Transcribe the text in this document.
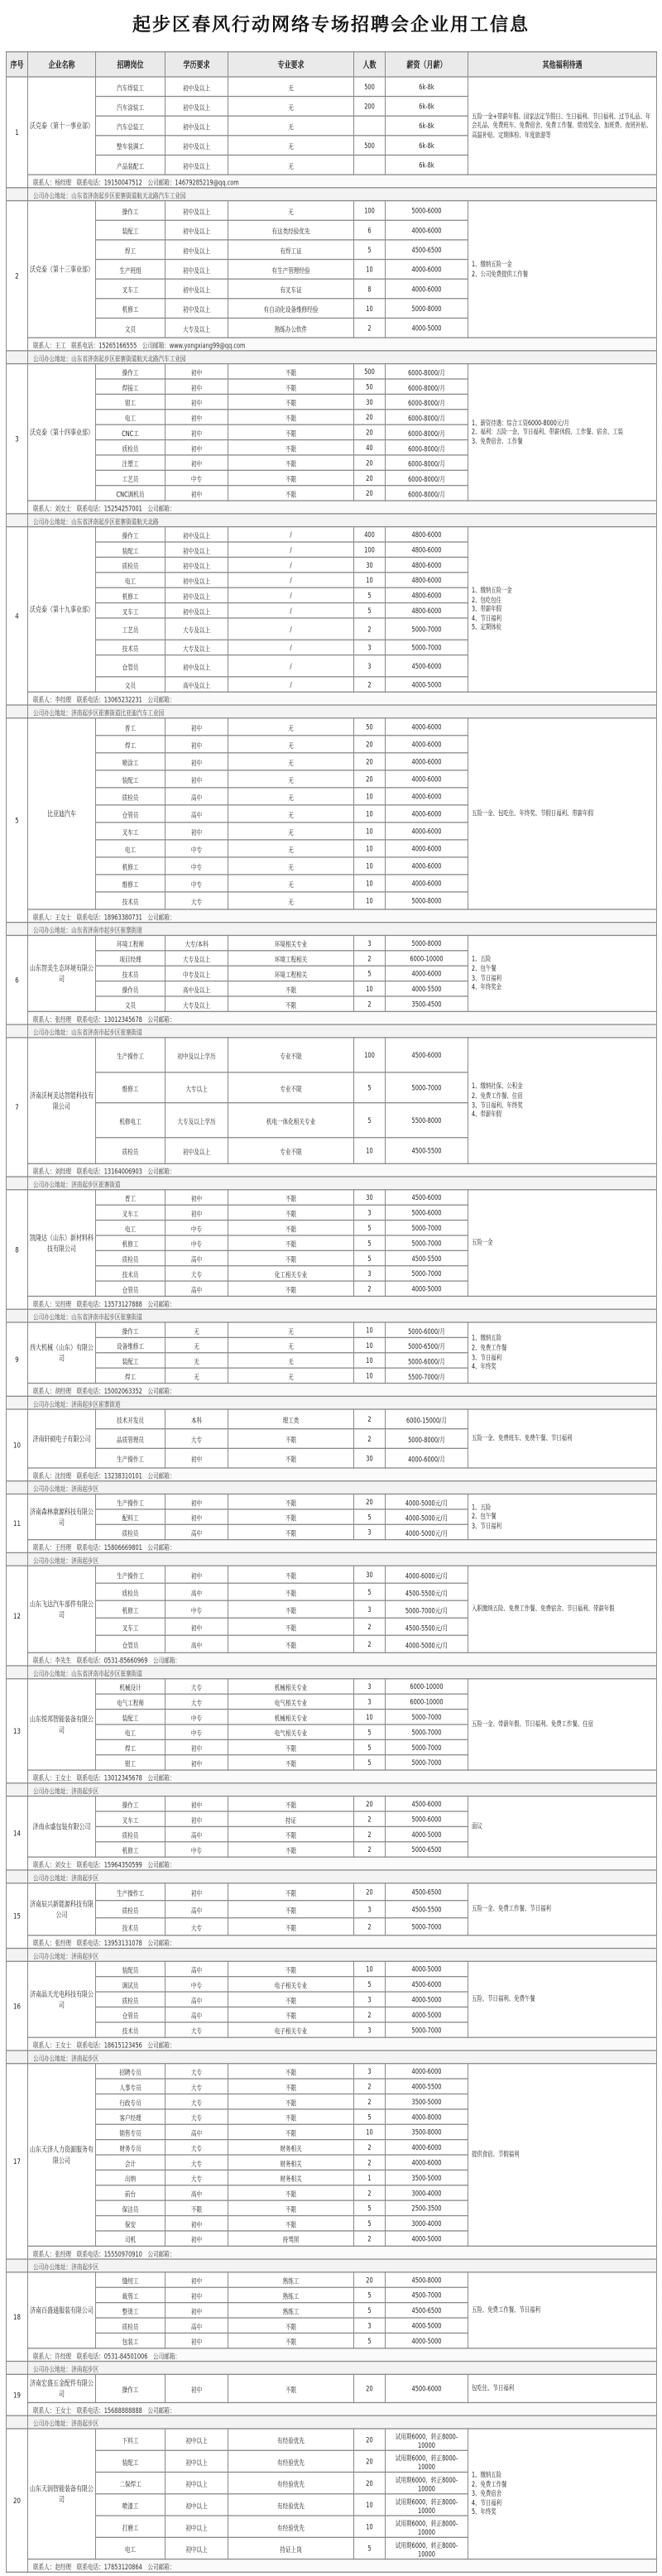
起步区春风行动网络专场招聘会企业用工信息
序号	企业名称	招聘岗位	学历要求	专业要求	人数	薪资（月薪）	其他福利待遇
1	沃克泰（第十一事业部）	汽车焊装工	初中及以上	无	500	6k-8k	五险一金+带薪年假、国家法定节假日、生日福利、节日福利、过节礼品、年会礼品、免费班车、免费宿舍、免费工作餐、绩效奖金、加班费、夜班补贴、高温补贴、定期体检、年度旅游等
		汽车涂装工	初中及以上	无	200	6k-8k	
		汽车总装工	初中及以上	无		6k-8k	
		整车装调工	初中及以上	无	500	6k-8k	
		产品装配工	初中及以上	无		6k-8k	
	联系人：杨经理　联系电话：19150047512　公司邮箱：14679285219@qq.com						
	公司办公地址：山东省济南起步区崔寨街道航天北路汽车工业园						
2	沃克泰（第十三事业部）	操作工	初中及以上	无	100	5000-6000	1、缴纳五险一金
2、公司免费提供工作餐
		装配工	初中及以上	有这类经验优先	6	4000-6000	
		焊工	初中及以上	有焊工证	5	4500-6500	
		生产班组	初中及以上	有生产管理经验	10	4000-6000	
		叉车工	初中及以上	有叉车证	8	4000-6000	
		机修工	初中及以上	有自动化设备维修经验	10	5000-8000	
		文员	大专及以上	熟练办公软件	2	4000-5000	
	联系人：王工　联系电话：15265166555　公司邮箱：www.yongxiang99@qq.com						
	公司办公地址：山东省济南起步区崔寨街道航天北路汽车工业园						
3	沃克泰（第十四事业部）	操作工	初中	不限	500	6000-8000/月	1、薪资待遇：综合工资6000-8000元/月
2、福利：五险一金、节日福利、带薪休假、工作餐、宿舍、工装
3、免费宿舍、工作餐
		焊接工	初中	不限	50	6000-8000/月	
		钳工	初中	不限	30	6000-8000/月	
		电工	初中	不限	20	6000-8000/月	
		CNC工	初中	不限	20	6000-8000/月	
		质检员	初中	不限	40	6000-8000/月	
		注塑工	初中	不限	20	6000-8000/月	
		工艺员	中专	不限	20	6000-8000/月	
		CNC调机员	初中	不限	20	6000-8000/月	
	联系人：刘女士　联系电话：15254257001　公司邮箱：						
	公司办公地址：山东省济南起步区崔寨街道航天北路						
4	沃克泰（第十九事业部）	操作工	初中及以上	/	400	4800-6000	1、缴纳五险一金
2、包吃包住
3、带薪年假
4、节日福利
5、定期体检
		装配工	初中及以上	/	100	4800-6000	
		质检员	初中及以上	/	30	4800-6000	
		电工	初中及以上	/	10	4800-6000	
		机修工	初中及以上	/	5	4800-6000	
		叉车工	初中及以上	/	5	4800-6000	
		工艺员	大专及以上	/	2	5000-7000	
		技术员	大专及以上	/	3	5000-7000	
		仓管员	初中及以上	/	3	4500-6000	
		文员	高中及以上	/	2	4000-5000	
	联系人：李经理　联系电话：13065232231　公司邮箱：						
	公司办公地址：济南起步区崔寨街道比亚迪汽车工业园						
5	比亚迪汽车	普工	初中	无	50	4000-6000	五险一金、包吃住、年终奖、节假日福利、带薪年假
		焊工	初中	无	20	4000-6000	
		喷涂工	初中	无	20	4000-6000	
		装配工	初中	无	20	4000-6000	
		质检员	高中	无	10	4000-6000	
		仓管员	高中	无	10	4000-6000	
		叉车工	初中	无	10	4000-6000	
		电工	中专	无	10	4000-6000	
		机修工	中专	无	10	4000-6000	
		维修工	中专	无	10	4000-6000	
		技术员	大专	无	10	5000-8000	
	联系人：王女士　联系电话：18963380731　公司邮箱：						
	公司办公地址：山东省济南市起步区崔寨街道						
6	山东智美生态环境有限公司	环境工程师	大专/本科	环境相关专业	3	5000-8000	1、五险
2、包午餐
3、节日福利
4、年终奖金
		项目经理	大专及以上	环境工程相关	2	6000-10000	
		技术员	中专及以上	环境工程相关	5	4000-6000	
		操作员	高中及以上	不限	10	4000-5500	
		文员	大专及以上	不限	2	3500-4500	
	联系人：张经理　联系电话：13012345678　公司邮箱：						
	公司办公地址：山东省济南市起步区崔寨街道						
7	济南沃柯美达智能科技有限公司	生产操作工	初中及以上学历	专业不限	100	4500-6000	1、缴纳社保、公积金
2、免费工作餐、住宿
3、节日福利、年终奖
4、带薪年假
		维修工	大专以上	专业不限	5	5000-7000	
		机修电工	大专及以上学历	机电一体化相关专业	5	5500-8000	
		质检员	初中及以上	专业不限	10	4500-5500	
	联系人：刘经理　联系电话：13164006903　公司邮箱：						
	公司办公地址：济南起步区崔寨街道						
8	凯隆达（山东）新材料科技有限公司	普工	初中	不限	30	4500-6000	五险一金
		叉车工	初中	不限	3	5000-6000	
		电工	中专	不限	5	5000-7000	
		机修工	中专	不限	5	5000-7000	
		质检员	高中	不限	5	4500-5500	
		技术员	大专	化工相关专业	3	5000-7000	
		仓管员	高中	不限	2	4000-5000	
	联系人：吴经理　联系电话：13573127888　公司邮箱：						
	公司办公地址：山东省济南市起步区崔寨街道						
9	西大机械（山东）有限公司	操作工	无	无	10	5000-6000/月	1、缴纳五险
2、免费工作餐
3、节日福利
4、年终奖
		设备维修工	无	无	10	5000-6500/月	
		装配工	无	无	10	5000-6000/月	
		焊工	无	无	10	5500-7000/月	
	联系人：胡经理　联系电话：15002063352　公司邮箱：						
	公司办公地址：济南起步区崔寨街道						
10	济南轩硕电子有限公司	技术开发员	本科	理工类	2	6000-15000/月	五险一金、免费班车、免费午餐、节日福利
		品质管理员	大专	不限	2	5000-8000/月	
		生产操作工	初中	不限	30	4000-6000/月	
	联系人：沈经理　联系电话：13238310101　公司邮箱：						
	公司办公地址：济南起步区						
11	济南森林康源科技有限公司	生产操作工	初中	不限	20	4000-5000元/月	1、五险
2、包午餐
3、节日福利
		配料工	初中	不限	5	4000-5000元/月	
		质检员	高中	不限	3	4000-5000元/月	
	联系人：王经理　联系电话：15806669801　公司邮箱：						
	公司办公地址：济南起步区						
12	山东飞达汽车部件有限公司	生产操作工	初中	不限	30	4000-6000元/月	入职缴纳五险、免费工作餐、免费宿舍、节日福利、带薪年假
		质检员	高中	不限	5	4500-5500元/月	
		机修工	中专	不限	3	5000-7000元/月	
		叉车工	初中	不限	2	4500-5500元/月	
		仓管员	高中	不限	2	4000-5000元/月	
	联系人：李先生　联系电话：0531-85660969　公司邮箱：						
	公司办公地址：山东省济南市起步区崔寨街道						
13	山东悦邦智能装备有限公司	机械设计	大专	机械相关专业	3	6000-10000	五险一金、带薪年假、节日福利、免费工作餐、住宿
		电气工程师	大专	电气相关专业	3	6000-10000	
		装配工	中专	机械相关专业	10	5000-7000	
		电工	中专	电气相关专业	5	5000-7000	
		焊工	初中	不限	5	5000-7000	
		钳工	初中	不限	5	5000-7000	
	联系人：王女士　联系电话：13012345678　公司邮箱：						
	公司办公地址：济南起步区						
14	济南永盛包装有限公司	操作工	初中	不限	20	4500-6000	面议
		叉车工	初中	持证	2	5000-6000	
		质检员	高中	不限	2	4000-5000	
		机修工	中专	不限	2	5000-6500	
	联系人：刘女士　联系电话：15964350599　公司邮箱：						
	公司办公地址：济南起步区						
15	济南辰兴新能源科技有限公司	生产操作工	初中	不限	20	4500-6500	五险一金、免费工作餐、节日福利
		质检员	高中	不限	3	4500-5500	
		技术员	大专	不限	2	5000-7000	
	联系人：张经理　联系电话：13953131078　公司邮箱：						
	公司办公地址：济南起步区						
16	济南晶天光电科技有限公司	装配员	高中	不限	10	4000-5000	五险、节日福利、免费午餐
		调试员	中专	电子相关专业	5	4500-6000	
		质检员	高中	不限	3	4000-5000	
		仓管员	高中	不限	2	4000-5000	
		技术员	大专	电子相关专业	3	5000-7000	
	联系人：王女士　联系电话：18615123456　公司邮箱：						
	公司办公地址：济南起步区						
17	山东天泽人力资源服务有限公司	招聘专员	大专	不限	3	4000-6000	提供食宿、节假福利
		人事专员	大专	不限	2	4000-5500	
		行政专员	大专	不限	2	3500-5000	
		客户经理	大专	不限	5	4000-8000	
		销售专员	高中	不限	10	3500-8000	
		财务专员	大专	财务相关	2	4000-6000	
		会计	大专	财务相关	2	4000-6000	
		出纳	大专	财务相关	1	3500-5000	
		前台	高中	不限	2	3000-4000	
		保洁员	不限	不限	5	2500-3500	
		保安	初中	不限	5	3000-4000	
		司机	初中	持驾照	2	4000-5000	
	联系人：张经理　联系电话：15550970910　公司邮箱：						
	公司办公地址：济南起步区						
18	济南百盛通服装有限公司	缝纫工	初中	熟练工	20	4500-8000	五险、免费工作餐、节日福利
		裁剪工	初中	熟练工	5	4500-7000	
		整烫工	初中	熟练工	5	4500-6500	
		质检员	高中	不限	3	4000-5000	
		包装工	初中	不限	5	4000-5000	
	联系人：许经理　联系电话：0531-84501006　公司邮箱：						
	公司办公地址：济南起步区						
19	济南宏盛五金配件有限公司	操作工	初中	不限	20	4500-6000	包吃住、节日福利
	联系人：王女士　联系电话：15688888888　公司邮箱：						
	公司办公地址：济南起步区						
20	山东天润智能装备有限公司	下料工	初中以上	有经验优先	20	试用期6000，转正8000-10000	1、缴纳五险
2、免费工作餐
3、免费宿舍
4、节日福利
5、年终奖
		装配工	初中以上	有经验优先	20	试用期6000，转正8000-10000	
		二保焊工	初中以上	有经验优先	20	试用期6000，转正8000-10000	
		喷漆工	初中以上	有经验优先	10	试用期6000，转正8000-10000	
		打磨工	初中以上	有经验优先	10	试用期6000，转正8000-10000	
		电工	初中以上	持证上岗	5	试用期6000，转正8000-10000	
	联系人：赵经理　联系电话：17853120864　公司邮箱：						
